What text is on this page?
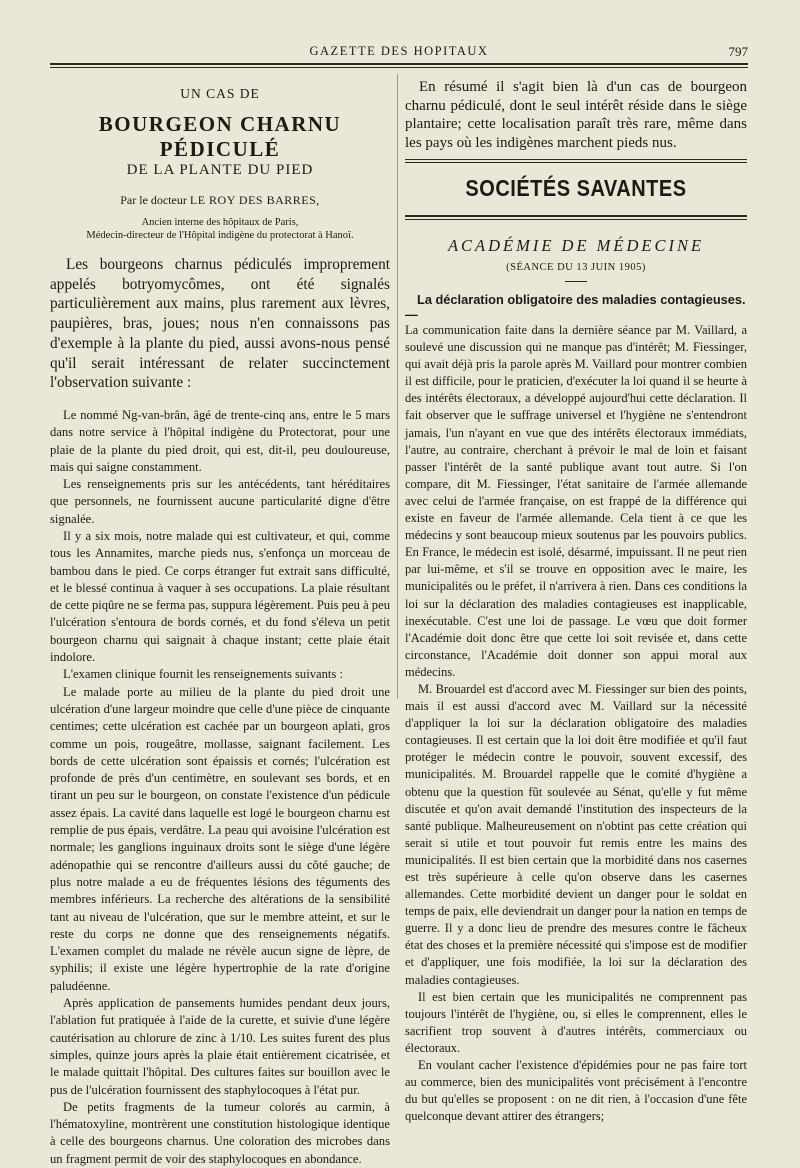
GAZETTE DES HOPITAUX	797
UN CAS DE
BOURGEON CHARNU PÉDICULÉ
DE LA PLANTE DU PIED
Par le docteur LE ROY DES BARRES,
Ancien interne des hôpitaux de Paris,
Médecin-directeur de l'Hôpital indigène du protectorat à Hanoï.

Les bourgeons charnus pédiculés improprement appelés botryomycômes, ont été signalés particulièrement aux mains, plus rarement aux lèvres, paupières, bras, joues; nous n'en connaissons pas d'exemple à la plante du pied, aussi avons-nous pensé qu'il serait intéressant de relater succinctement l'observation suivante :

Le nommé Ng-van-brân, âgé de trente-cinq ans, entre le 5 mars dans notre service à l'hôpital indigène du Protectorat, pour une plaie de la plante du pied droit, qui est, dit-il, peu douloureuse, mais qui saigne constamment.

Les renseignements pris sur les antécédents, tant héréditaires que personnels, ne fournissent aucune particularité digne d'être signalée.

Il y a six mois, notre malade qui est cultivateur, et qui, comme tous les Annamites, marche pieds nus, s'enfonça un morceau de bambou dans le pied. Ce corps étranger fut extrait sans difficulté, et le blessé continua à vaquer à ses occupations. La plaie résultant de cette piqûre ne se ferma pas, suppura légèrement. Puis peu à peu l'ulcération s'entoura de bords cornés, et du fond s'éleva un petit bourgeon charnu qui saignait à chaque instant; cette plaie était indolore.

L'examen clinique fournit les renseignements suivants :

Le malade porte au milieu de la plante du pied droit une ulcération d'une largeur moindre que celle d'une pièce de cinquante centimes; cette ulcération est cachée par un bourgeon aplati, gros comme un pois, rougeâtre, mollasse, saignant facilement. Les bords de cette ulcération sont épaissis et cornés; l'ulcération est profonde de près d'un centimètre, en soulevant ses bords, et en tirant un peu sur le bourgeon, on constate l'existence d'un pédicule assez épais. La cavité dans laquelle est logé le bourgeon charnu est remplie de pus épais, verdâtre. La peau qui avoisine l'ulcération est normale; les ganglions inguinaux droits sont le siège d'une légère adénopathie qui se rencontre d'ailleurs aussi du côté gauche; de plus notre malade a eu de fréquentes lésions des téguments des membres inférieurs. La recherche des altérations de la sensibilité tant au niveau de l'ulcération, que sur le membre atteint, et sur le reste du corps ne donne que des renseignements négatifs. L'examen complet du malade ne révèle aucun signe de lèpre, de syphilis; il existe une légère hypertrophie de la rate d'origine paludéenne.

Après application de pansements humides pendant deux jours, l'ablation fut pratiquée à l'aide de la curette, et suivie d'une légère cautérisation au chlorure de zinc à 1/10. Les suites furent des plus simples, quinze jours après la plaie était entièrement cicatrisée, et le malade quittait l'hôpital. Des cultures faites sur bouillon avec le pus de l'ulcération fournissent des staphylocoques à l'état pur.

De petits fragments de la tumeur colorés au carmin, à l'hématoxyline, montrèrent une constitution histologique identique à celle des bourgeons charnus. Une coloration des microbes dans un fragment permit de voir des staphylocoques en abondance.

En résumé il s'agit bien là d'un cas de bourgeon charnu pédiculé, dont le seul intérêt réside dans le siège plantaire; cette localisation paraît très rare, même dans les pays où les indigènes marchent pieds nus.

SOCIÉTÉS SAVANTES
ACADÉMIE DE MÉDECINE
(SÉANCE DU 13 JUIN 1905)

La déclaration obligatoire des maladies contagieuses. —

La communication faite dans la dernière séance par M. Vaillard, a soulevé une discussion qui ne manque pas d'intérêt; M. Fiessinger, qui avait déjà pris la parole après M. Vaillard pour montrer combien il est difficile, pour le praticien, d'exécuter la loi quand il se heurte à des intérêts électoraux, a développé aujourd'hui cette déclaration. Il fait observer que le suffrage universel et l'hygiène ne s'entendront jamais, l'un n'ayant en vue que des intérêts électoraux immédiats, l'autre, au contraire, cherchant à prévoir le mal de loin et faisant passer l'intérêt de la santé publique avant tout autre. Si l'on compare, dit M. Fiessinger, l'état sanitaire de l'armée allemande avec celui de l'armée française, on est frappé de la différence qui existe en faveur de l'armée allemande. Cela tient à ce que les médecins y sont beaucoup mieux soutenus par les pouvoirs publics. En France, le médecin est isolé, désarmé, impuissant. Il ne peut rien par lui-même, et s'il se trouve en opposition avec le maire, les municipalités ou le préfet, il n'arrivera à rien. Dans ces conditions la loi sur la déclaration des maladies contagieuses est inapplicable, inexécutable. C'est une loi de passage. Le vœu que doit former l'Académie doit donc être que cette loi soit revisée et, dans cette circonstance, l'Académie doit donner son appui moral aux médecins.

M. Brouardel est d'accord avec M. Fiessinger sur bien des points, mais il est aussi d'accord avec M. Vaillard sur la nécessité d'appliquer la loi sur la déclaration obligatoire des maladies contagieuses. Il est certain que la loi doit être modifiée et qu'il faut protéger le médecin contre le pouvoir, souvent excessif, des municipalités. M. Brouardel rappelle que le comité d'hygiène a obtenu que la question fût soulevée au Sénat, qu'elle y fut même discutée et qu'on avait demandé l'institution des inspecteurs de la santé publique. Malheureusement on n'obtint pas cette création qui serait si utile et tout pouvoir fut remis entre les mains des municipalités. Il est bien certain que la morbidité dans nos casernes est très supérieure à celle qu'on observe dans les casernes allemandes. Cette morbidité devient un danger pour le soldat en temps de paix, elle deviendrait un danger pour la nation en temps de guerre. Il y a donc lieu de prendre des mesures contre le fâcheux état des choses et la première nécessité qui s'impose est de modifier et d'appliquer, une fois modifiée, la loi sur la déclaration des maladies contagieuses.

Il est bien certain que les municipalités ne comprennent pas toujours l'intérêt de l'hygiène, ou, si elles le comprennent, elles le sacrifient trop souvent à d'autres intérêts, commerciaux ou électoraux.

En voulant cacher l'existence d'épidémies pour ne pas faire tort au commerce, bien des municipalités vont précisément à l'encontre du but qu'elles se proposent : on ne dit rien, à l'occasion d'une fête quelconque devant attirer des étrangers;
